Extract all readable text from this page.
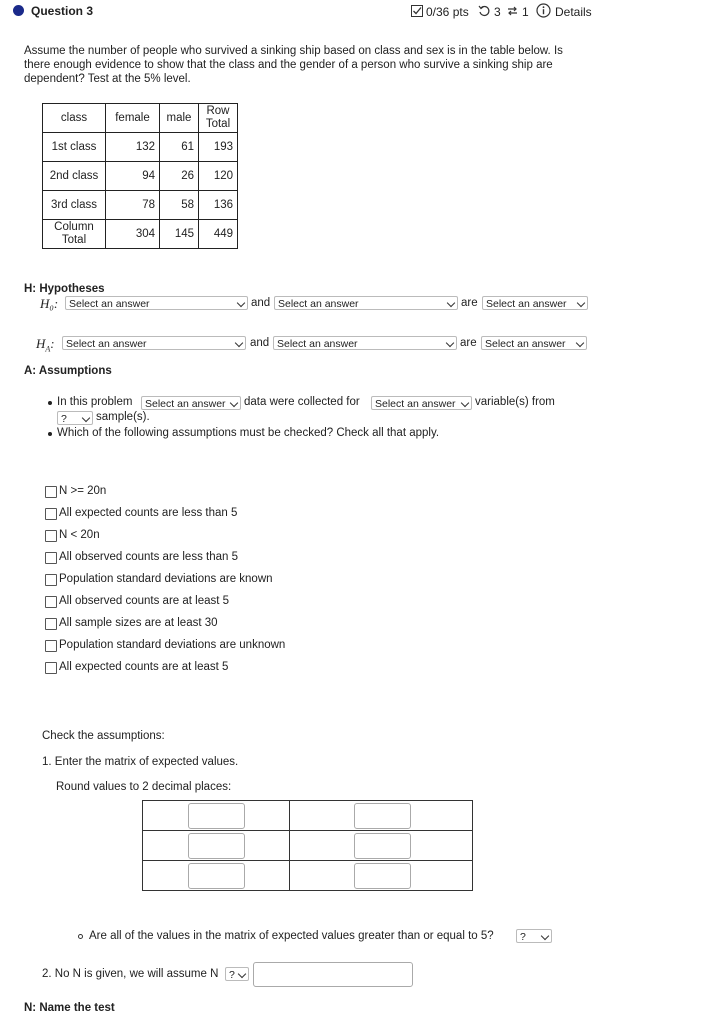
Question 3	0/36 pts 3 1 Details
Assume the number of people who survived a sinking ship based on class and sex is in the table below. Is there enough evidence to show that the class and the gender of a person who survive a sinking ship are dependent? Test at the 5% level.
class	female	male	Row Total
1st class	132	61	193
2nd class	94	26	120
3rd class	78	58	136
Column Total	304	145	449
H: Hypotheses
H₀:	Select an answer	and Select an answer	are Select an answer
$H_A$:	Select an answer	and Select an answer	are Select an answer
A: Assumptions
In this problem	Select an answer	data were collected for	Select an answer	variable(s) from
?	sample(s).
Which of the following assumptions must be checked? Check all that apply.
N >= 20n
All expected counts are less than 5
N < 20n
All observed counts are less than 5
Population standard deviations are known
All observed counts are at least 5
All sample sizes are at least 30
Population standard deviations are unknown
All expected counts are at least 5
Check the assumptions:
1. Enter the matrix of expected values.
Round values to 2 decimal places:
Are all of the values in the matrix of expected values greater than or equal to 5?	?
2. No N is given, we will assume N	?
N: Name the test
